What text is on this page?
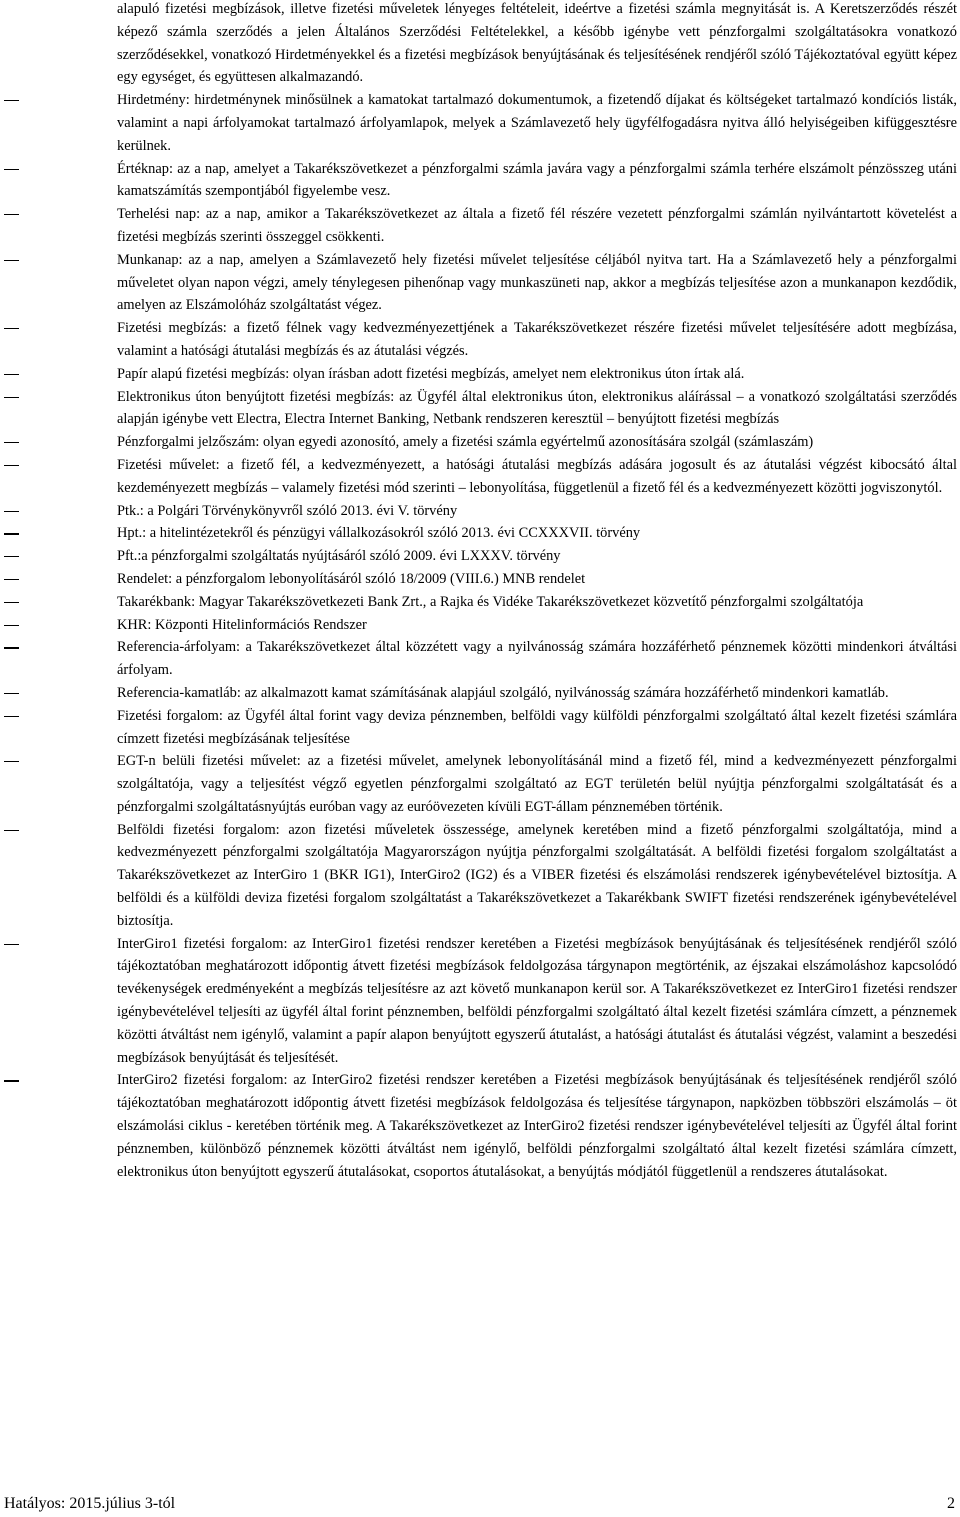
alapuló fizetési megbízások, illetve fizetési műveletek lényeges feltételeit, ideértve a fizetési számla megnyitását is. A Keretszerződés részét képező számla szerződés a jelen Általános Szerződési Feltételekkel, a később igénybe vett pénzforgalmi szolgáltatásokra vonatkozó szerződésekkel, vonatkozó Hirdetményekkel és a fizetési megbízások benyújtásának és teljesítésének rendjéről szóló Tájékoztatóval együtt képez egy egységet, és együttesen alkalmazandó.

Hirdetmény: hirdetménynek minősülnek a kamatokat tartalmazó dokumentumok, a fizetendő díjakat és költségeket tartalmazó kondíciós listák, valamint a napi árfolyamokat tartalmazó árfolyamlapok, melyek a Számlavezető hely ügyfélfogadásra nyitva álló helyiségeiben kifüggesztésre kerülnek.
Értéknap: az a nap, amelyet a Takarékszövetkezet a pénzforgalmi számla javára vagy a pénzforgalmi számla terhére elszámolt pénzösszeg utáni kamatszámítás szempontjából figyelembe vesz.
Terhelési nap: az a nap, amikor a Takarékszövetkezet az általa a fizető fél részére vezetett pénzforgalmi számlán nyilvántartott követelést a fizetési megbízás szerinti összeggel csökkenti.
Munkanap: az a nap, amelyen a Számlavezető hely fizetési művelet teljesítése céljából nyitva tart. Ha a Számlavezető hely a pénzforgalmi műveletet olyan napon végzi, amely ténylegesen pihenőnap vagy munkaszüneti nap, akkor a megbízás teljesítése azon a munkanapon kezdődik, amelyen az Elszámolóház szolgáltatást végez.
Fizetési megbízás: a fizető félnek vagy kedvezményezettjének a Takarékszövetkezet részére fizetési művelet teljesítésére adott megbízása, valamint a hatósági átutalási megbízás és az átutalási végzés.
Papír alapú fizetési megbízás: olyan írásban adott fizetési megbízás, amelyet nem elektronikus úton írtak alá.
Elektronikus úton benyújtott fizetési megbízás: az Ügyfél által elektronikus úton, elektronikus aláírással – a vonatkozó szolgáltatási szerződés alapján igénybe vett Electra, Electra Internet Banking, Netbank rendszeren keresztül – benyújtott fizetési megbízás
Pénzforgalmi jelzőszám: olyan egyedi azonosító, amely a fizetési számla egyértelmű azonosítására szolgál (számlaszám)
Fizetési művelet: a fizető fél, a kedvezményezett, a hatósági átutalási megbízás adására jogosult és az átutalási végzést kibocsátó által kezdeményezett megbízás – valamely fizetési mód szerinti – lebonyolítása, függetlenül a fizető fél és a kedvezményezett közötti jogviszonytól.
Ptk.: a Polgári Törvénykönyvről szóló 2013. évi V. törvény
Hpt.: a hitelintézetekről és pénzügyi vállalkozásokról szóló 2013. évi CCXXXVII. törvény
Pft.:a pénzforgalmi szolgáltatás nyújtásáról szóló 2009. évi LXXXV. törvény
Rendelet: a pénzforgalom lebonyolításáról szóló 18/2009 (VIII.6.) MNB rendelet
Takarékbank: Magyar Takarékszövetkezeti Bank Zrt., a Rajka és Vidéke Takarékszövetkezet közvetítő pénzforgalmi szolgáltatója
KHR: Központi Hitelinformációs Rendszer
Referencia-árfolyam: a Takarékszövetkezet által közzétett vagy a nyilvánosság számára hozzáférhető pénznemek közötti mindenkori átváltási árfolyam.
Referencia-kamatláb: az alkalmazott kamat számításának alapjául szolgáló, nyilvánosság számára hozzáférhető mindenkori kamatláb.
Fizetési forgalom: az Ügyfél által forint vagy deviza pénznemben, belföldi vagy külföldi pénzforgalmi szolgáltató által kezelt fizetési számlára címzett fizetési megbízásának teljesítése
EGT-n belüli fizetési művelet: az a fizetési művelet, amelynek lebonyolításánál mind a fizető fél, mind a kedvezményezett pénzforgalmi szolgáltatója, vagy a teljesítést végző egyetlen pénzforgalmi szolgáltató az EGT területén belül nyújtja pénzforgalmi szolgáltatását és a pénzforgalmi szolgáltatásnyújtás euróban vagy az euróövezeten kívüli EGT-állam pénznemében történik.
Belföldi fizetési forgalom: azon fizetési műveletek összessége, amelynek keretében mind a fizető pénzforgalmi szolgáltatója, mind a kedvezményezett pénzforgalmi szolgáltatója Magyarországon nyújtja pénzforgalmi szolgáltatását. A belföldi fizetési forgalom szolgáltatást a Takarékszövetkezet az InterGiro 1 (BKR IG1), InterGiro2 (IG2) és a VIBER fizetési és elszámolási rendszerek igénybevételével biztosítja. A belföldi és a külföldi deviza fizetési forgalom szolgáltatást a Takarékszövetkezet a Takarékbank SWIFT fizetési rendszerének igénybevételével biztosítja.
InterGiro1 fizetési forgalom: az InterGiro1 fizetési rendszer keretében a Fizetési megbízások benyújtásának és teljesítésének rendjéről szóló tájékoztatóban meghatározott időpontig átvett fizetési megbízások feldolgozása tárgynapon megtörténik, az éjszakai elszámoláshoz kapcsolódó tevékenységek eredményeként a megbízás teljesítésre az azt követő munkanapon kerül sor. A Takarékszövetkezet ez InterGiro1 fizetési rendszer igénybevételével teljesíti az ügyfél által forint pénznemben, belföldi pénzforgalmi szolgáltató által kezelt fizetési számlára címzett, a pénznemek közötti átváltást nem igénylő, valamint a papír alapon benyújtott egyszerű átutalást, a hatósági átutalást és átutalási végzést, valamint a beszedési megbízások benyújtását és teljesítését.
InterGiro2 fizetési forgalom: az InterGiro2 fizetési rendszer keretében a Fizetési megbízások benyújtásának és teljesítésének rendjéről szóló tájékoztatóban meghatározott időpontig átvett fizetési megbízások feldolgozása és teljesítése tárgynapon, napközben többszöri elszámolás – öt elszámolási ciklus - keretében történik meg. A Takarékszövetkezet az InterGiro2 fizetési rendszer igénybevételével teljesíti az Ügyfél által forint pénznemben, különböző pénznemek közötti átváltást nem igénylő, belföldi pénzforgalmi szolgáltató által kezelt fizetési számlára címzett, elektronikus úton benyújtott egyszerű átutalásokat, csoportos átutalásokat, a benyújtás módjától függetlenül a rendszeres átutalásokat.
Hatályos: 2015.július 3-tól	2
